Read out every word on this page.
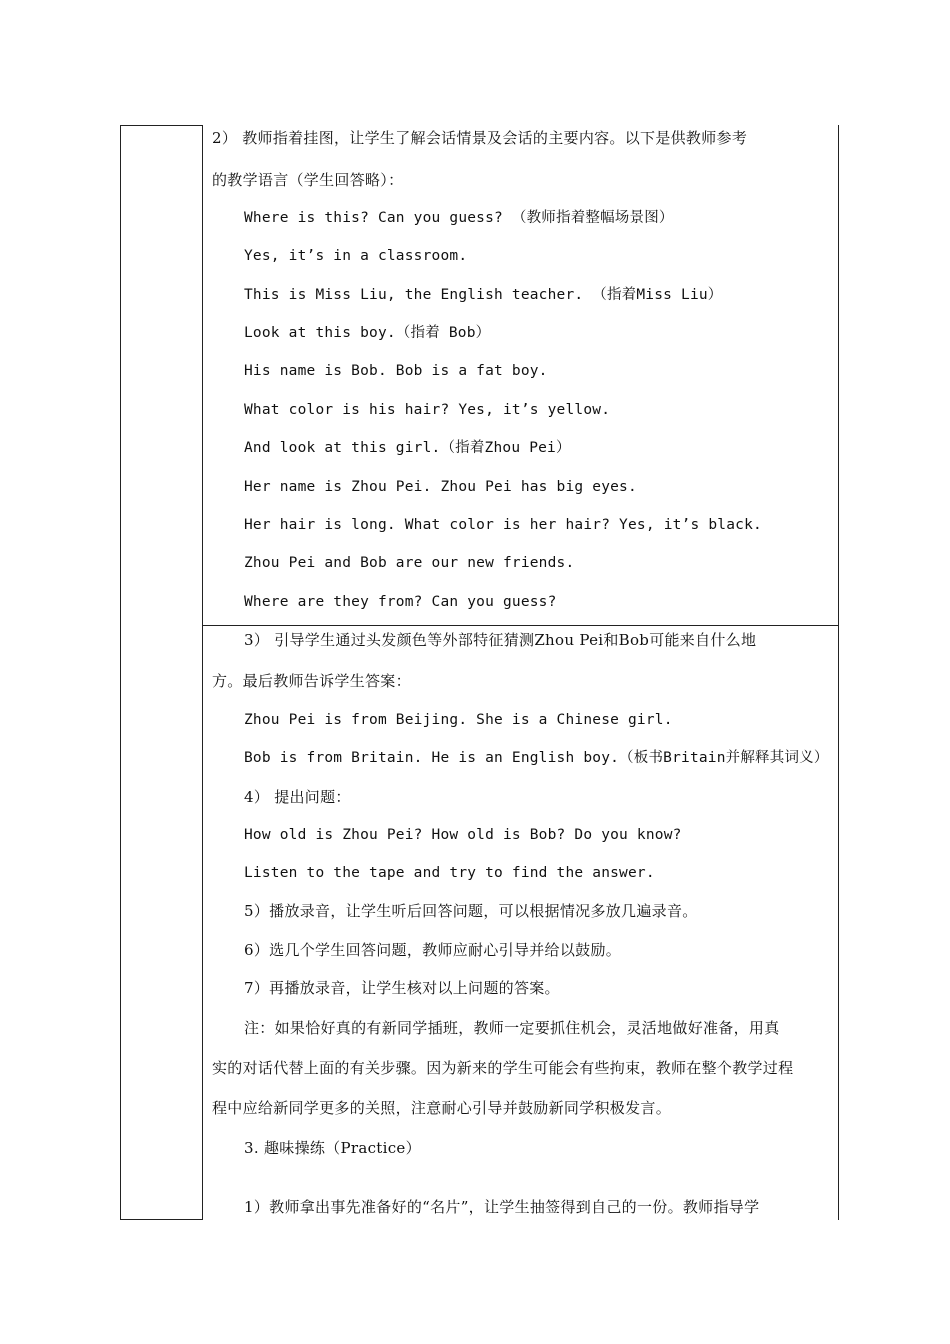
2） 教师指着挂图，让学生了解会话情景及会话的主要内容。以下是供教师参考
的教学语言（学生回答略）：
Where is this? Can you guess? （教师指着整幅场景图）
Yes, it’s in a classroom.
This is Miss Liu, the English teacher. （指着Miss Liu）
Look at this boy.（指着 Bob）
His name is Bob. Bob is a fat boy.
What color is his hair? Yes, it’s yellow.
And look at this girl.（指着Zhou Pei）
Her name is Zhou Pei. Zhou Pei has big eyes.
Her hair is long. What color is her hair? Yes, it’s black.
Zhou Pei and Bob are our new friends.
Where are they from? Can you guess?
3） 引导学生通过头发颜色等外部特征猜测Zhou Pei和Bob可能来自什么地
方。最后教师告诉学生答案：
Zhou Pei is from Beijing. She is a Chinese girl.
Bob is from Britain. He is an English boy.（板书Britain并解释其词义）
4） 提出问题：
How old is Zhou Pei? How old is Bob? Do you know?
Listen to the tape and try to find the answer.
5）播放录音，让学生听后回答问题，可以根据情况多放几遍录音。
6）选几个学生回答问题，教师应耐心引导并给以鼓励。
7）再播放录音，让学生核对以上问题的答案。
注：如果恰好真的有新同学插班，教师一定要抓住机会，灵活地做好准备，用真
实的对话代替上面的有关步骤。因为新来的学生可能会有些拘束，教师在整个教学过程
程中应给新同学更多的关照，注意耐心引导并鼓励新同学积极发言。
3. 趣味操练（Practice）
1）教师拿出事先准备好的“名片”，让学生抽签得到自己的一份。教师指导学
